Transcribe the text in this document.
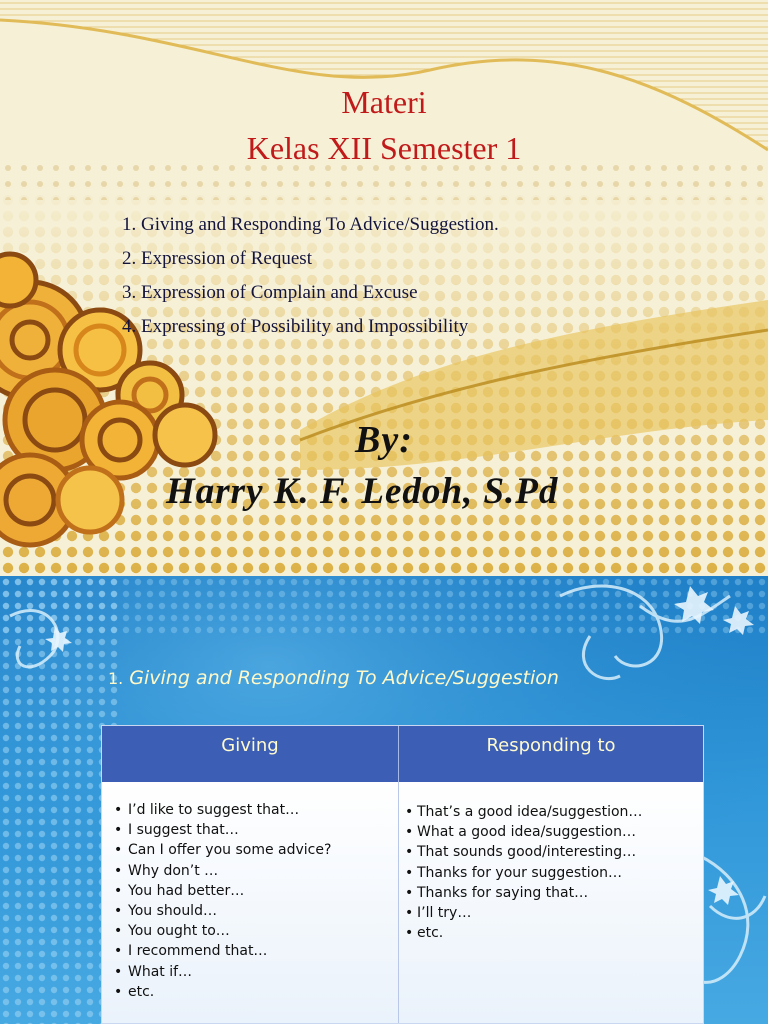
Materi
Kelas XII Semester 1
1. Giving and Responding To Advice/Suggestion.
2. Expression of Request
3. Expression of Complain and Excuse
4. Expressing of Possibility and Impossibility
By:
Harry K. F. Ledoh, S.Pd
1. Giving and Responding To Advice/Suggestion
Giving	Responding to
• I’d like to suggest that…
• I suggest that…
• Can I offer you some advice?
• Why don’t …
• You had better…
• You should…
• You ought to…
• I recommend that…
• What if…
• etc.
• That’s a good idea/suggestion…
• What a good idea/suggestion…
• That sounds good/interesting…
• Thanks for your suggestion…
• Thanks for saying that…
• I’ll try…
• etc.
